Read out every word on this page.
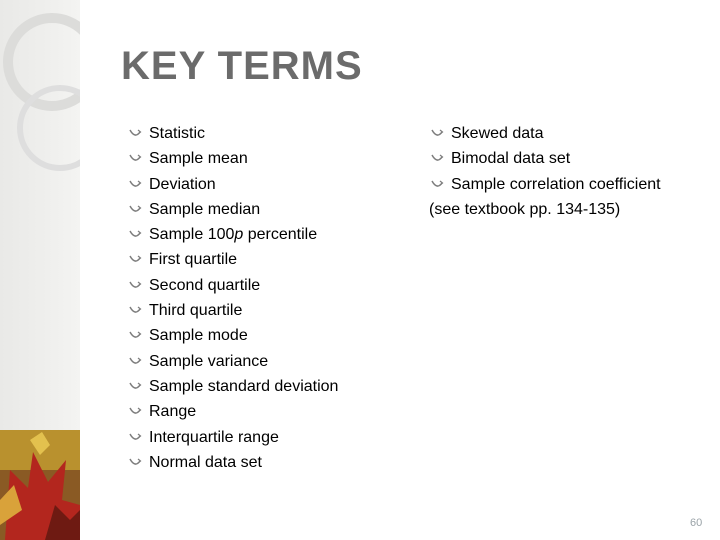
KEY TERMS
Statistic
Sample mean
Deviation
Sample median
Sample 100p percentile
First quartile
Second quartile
Third quartile
Sample mode
Sample variance
Sample standard deviation
Range
Interquartile range
Normal data set
Skewed data
Bimodal data set
Sample correlation coefficient
(see textbook pp. 134-135)
60
